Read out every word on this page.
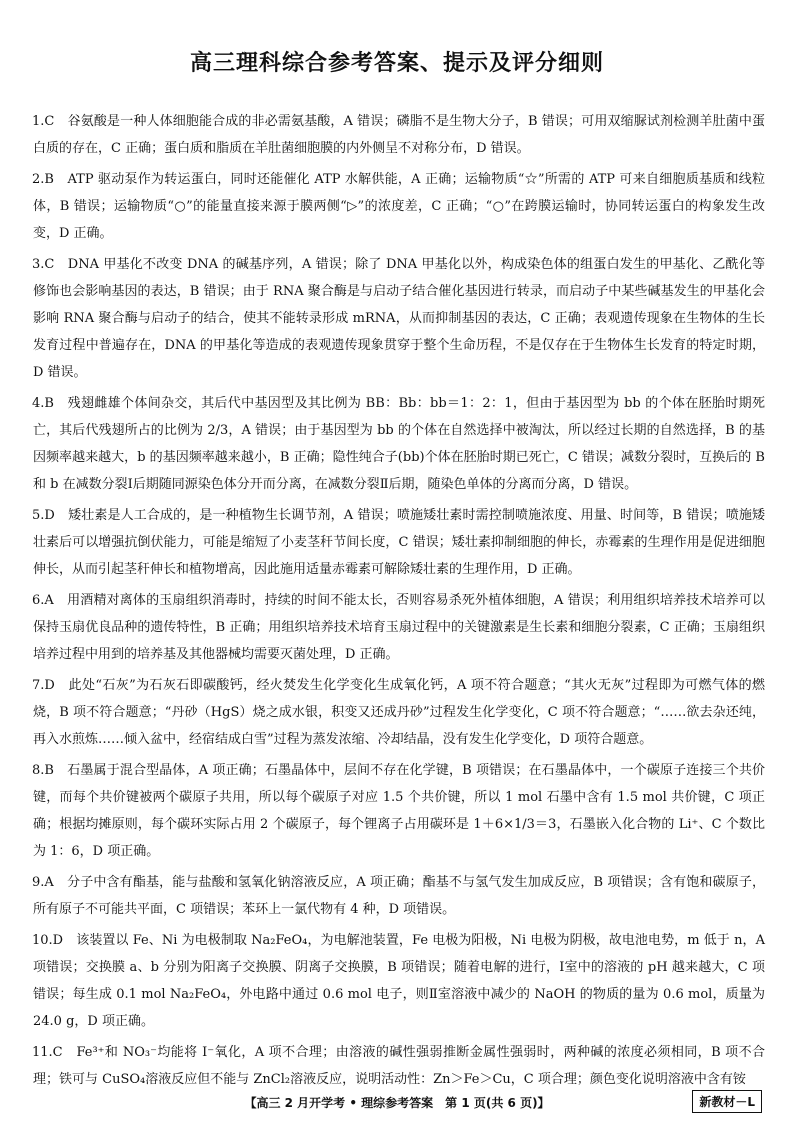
高三理科综合参考答案、提示及评分细则

1.C　 谷氨酸是一种人体细胞能合成的非必需氨基酸，A 错误；磷脂不是生物大分子，B 错误；可用双缩脲试剂检测羊肚菌中蛋白质的存在，C 正确；蛋白质和脂质在羊肚菌细胞膜的内外侧呈不对称分布，D 错误。

2.B　 ATP 驱动泵作为转运蛋白，同时还能催化 ATP 水解供能，A 正确；运输物质“☆”所需的 ATP 可来自细胞质基质和线粒体，B 错误；运输物质“○”的能量直接来源于膜两侧“▷”的浓度差，C 正确；“○”在跨膜运输时，协同转运蛋白的构象发生改变，D 正确。

3.C　 DNA 甲基化不改变 DNA 的碱基序列，A 错误；除了 DNA 甲基化以外，构成染色体的组蛋白发生的甲基化、乙酰化等修饰也会影响基因的表达，B 错误；由于 RNA 聚合酶是与启动子结合催化基因进行转录，而启动子中某些碱基发生的甲基化会影响 RNA 聚合酶与启动子的结合，使其不能转录形成 mRNA，从而抑制基因的表达，C 正确；表观遗传现象在生物体的生长发育过程中普遍存在，DNA 的甲基化等造成的表观遗传现象贯穿于整个生命历程，不是仅存在于生物体生长发育的特定时期，D 错误。

4.B　 残翅雌雄个体间杂交，其后代中基因型及其比例为 BB：Bb：bb＝1：2：1，但由于基因型为 bb 的个体在胚胎时期死亡，其后代残翅所占的比例为 2/3，A 错误；由于基因型为 bb 的个体在自然选择中被淘汰，所以经过长期的自然选择，B 的基因频率越来越大，b 的基因频率越来越小，B 正确；隐性纯合子(bb)个体在胚胎时期已死亡，C 错误；减数分裂时，互换后的 B 和 b 在减数分裂Ⅰ后期随同源染色体分开而分离，在减数分裂Ⅱ后期，随染色单体的分离而分离，D 错误。

5.D　 矮壮素是人工合成的，是一种植物生长调节剂，A 错误；喷施矮壮素时需控制喷施浓度、用量、时间等，B 错误；喷施矮壮素后可以增强抗倒伏能力，可能是缩短了小麦茎秆节间长度，C 错误；矮壮素抑制细胞的伸长，赤霉素的生理作用是促进细胞伸长，从而引起茎秆伸长和植物增高，因此施用适量赤霉素可解除矮壮素的生理作用，D 正确。

6.A　 用酒精对离体的玉扇组织消毒时，持续的时间不能太长，否则容易杀死外植体细胞，A 错误；利用组织培养技术培养可以保持玉扇优良品种的遗传特性，B 正确；用组织培养技术培育玉扇过程中的关键激素是生长素和细胞分裂素，C 正确；玉扇组织培养过程中用到的培养基及其他器械均需要灭菌处理，D 正确。

7.D　 此处“石灰”为石灰石即碳酸钙，经火焚发生化学变化生成氧化钙，A 项不符合题意；“其火无灰”过程即为可燃气体的燃烧，B 项不符合题意；“丹砂（HgS）烧之成水银，积变又还成丹砂”过程发生化学变化，C 项不符合题意；“……欲去杂还纯，再入水煎炼……倾入盆中，经宿结成白雪”过程为蒸发浓缩、冷却结晶，没有发生化学变化，D 项符合题意。

8.B　 石墨属于混合型晶体，A 项正确；石墨晶体中，层间不存在化学键，B 项错误；在石墨晶体中，一个碳原子连接三个共价键，而每个共价键被两个碳原子共用，所以每个碳原子对应 1.5 个共价键，所以 1 mol 石墨中含有 1.5 mol 共价键，C 项正确；根据均摊原则，每个碳环实际占用 2 个碳原子，每个锂离子占用碳环是 1＋6×1/3＝3，石墨嵌入化合物的 Li⁺、C 个数比为 1：6，D 项正确。

9.A　 分子中含有酯基，能与盐酸和氢氧化钠溶液反应，A 项正确；酯基不与氢气发生加成反应，B 项错误；含有饱和碳原子，所有原子不可能共平面，C 项错误；苯环上一氯代物有 4 种，D 项错误。

10.D　 该装置以 Fe、Ni 为电极制取 Na₂FeO₄，为电解池装置，Fe 电极为阳极，Ni 电极为阴极，故电池电势，m 低于 n，A 项错误；交换膜 a、b 分别为阳离子交换膜、阴离子交换膜，B 项错误；随着电解的进行，Ⅰ室中的溶液的 pH 越来越大，C 项错误；每生成 0.1 mol Na₂FeO₄，外电路中通过 0.6 mol 电子，则Ⅱ室溶液中减少的 NaOH 的物质的量为 0.6 mol，质量为 24.0 g，D 项正确。

11.C　 Fe³⁺和 NO₃⁻均能将 I⁻氧化，A 项不合理；由溶液的碱性强弱推断金属性强弱时，两种碱的浓度必须相同，B 项不合理；铁可与 CuSO₄溶液反应但不能与 ZnCl₂溶液反应，说明活动性：Zn＞Fe＞Cu，C 项合理；颜色变化说明溶液中含有铵

【高三 2 月开学考 • 理综参考答案　第 1 页(共 6 页)】	新教材－L
